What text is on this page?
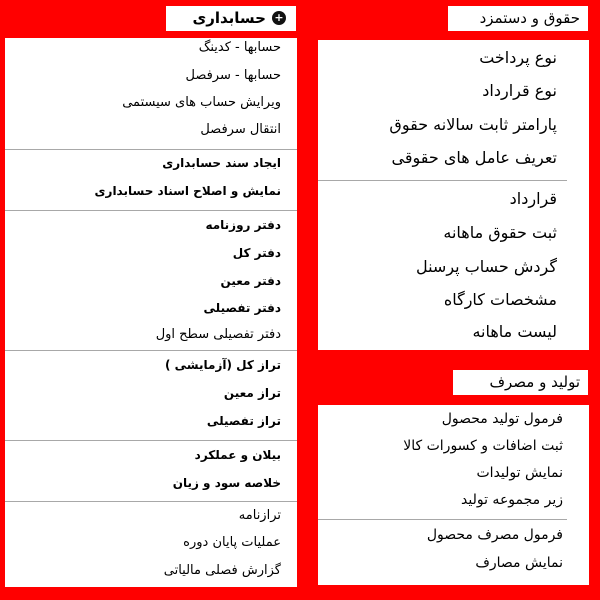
+
حسابداری
حسابها - کدینگ
حسابها - سرفصل
ویرایش حساب های سیستمی
انتقال سرفصل
ایجاد سند حسابداری
نمایش و اصلاح اسناد حسابداری
دفتر روزنامه
دفتر کل
دفتر معین
دفتر تفصیلی
دفتر تفصیلی سطح اول
تراز کل (آزمایشی )
تراز معین
تراز تفصیلی
بیلان و عملکرد
خلاصه سود و زیان
ترازنامه
عملیات پایان دوره
گزارش فصلی مالیاتی
حقوق و دستمزد
نوع پرداخت
نوع قرارداد
پارامتر ثابت سالانه حقوق
تعریف عامل های حقوقی
قرارداد
ثبت حقوق ماهانه
گردش حساب پرسنل
مشخصات کارگاه
لیست ماهانه
تولید و مصرف
فرمول تولید محصول
ثبت اضافات و کسورات کالا
نمایش تولیدات
زیر مجموعه تولید
فرمول مصرف محصول
نمایش مصارف
